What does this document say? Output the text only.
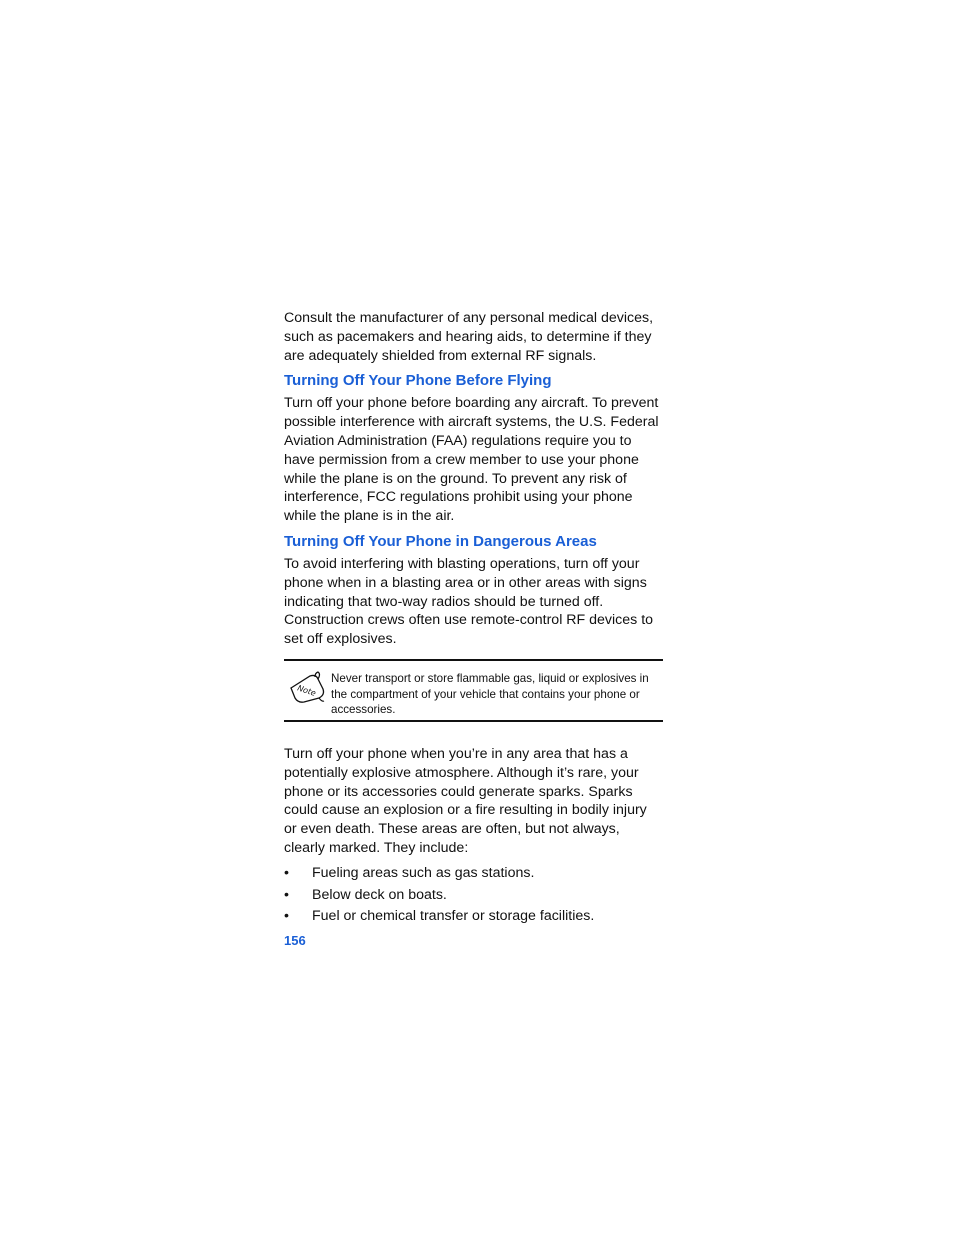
Consult the manufacturer of any personal medical devices, such as pacemakers and hearing aids, to determine if they are adequately shielded from external RF signals.

Turning Off Your Phone Before Flying

Turn off your phone before boarding any aircraft. To prevent possible interference with aircraft systems, the U.S. Federal Aviation Administration (FAA) regulations require you to have permission from a crew member to use your phone while the plane is on the ground. To prevent any risk of interference, FCC regulations prohibit using your phone while the plane is in the air.

Turning Off Your Phone in Dangerous Areas

To avoid interfering with blasting operations, turn off your phone when in a blasting area or in other areas with signs indicating that two-way radios should be turned off. Construction crews often use remote-control RF devices to set off explosives.

Note

Never transport or store flammable gas, liquid or explosives in the compartment of your vehicle that contains your phone or accessories.

Turn off your phone when you’re in any area that has a potentially explosive atmosphere. Although it’s rare, your phone or its accessories could generate sparks. Sparks could cause an explosion or a fire resulting in bodily injury or even death. These areas are often, but not always, clearly marked. They include:

• Fueling areas such as gas stations.
• Below deck on boats.
• Fuel or chemical transfer or storage facilities.
156
